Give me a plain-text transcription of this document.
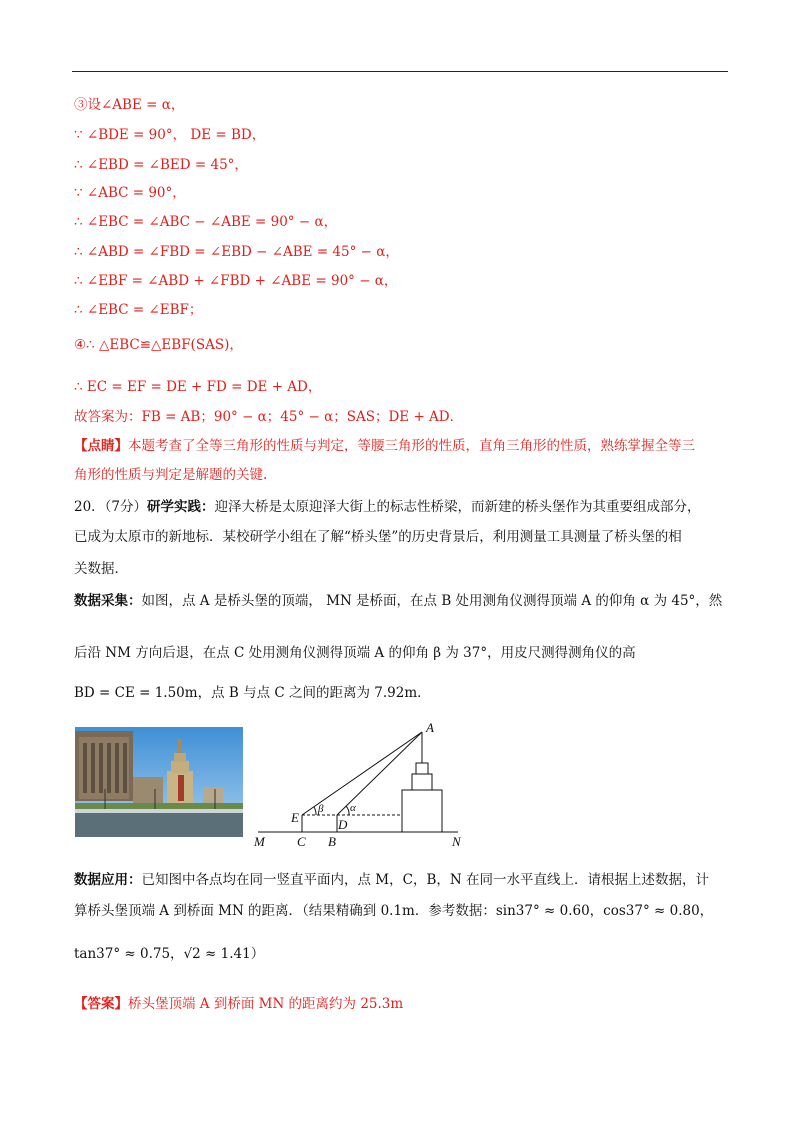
③设∠ABE = α，
∵ ∠BDE = 90°， DE = BD，
∴ ∠EBD = ∠BED = 45°，
∵ ∠ABC = 90°，
∴ ∠EBC = ∠ABC − ∠ABE = 90° − α，
∴ ∠ABD = ∠FBD = ∠EBD − ∠ABE = 45° − α，
∴ ∠EBF = ∠ABD + ∠FBD + ∠ABE = 90° − α，
∴ ∠EBC = ∠EBF；
④∴ △EBC≌△EBF(SAS)，
∴ EC = EF = DE + FD = DE + AD，
故答案为：FB = AB；90° − α；45° − α；SAS；DE + AD．
【点睛】本题考查了全等三角形的性质与判定，等腰三角形的性质，直角三角形的性质，熟练掌握全等三
角形的性质与判定是解题的关键.
20．（7分）研学实践：迎泽大桥是太原迎泽大街上的标志性桥梁，而新建的桥头堡作为其重要组成部分，
已成为太原市的新地标．某校研学小组在了解“桥头堡”的历史背景后，利用测量工具测量了桥头堡的相
关数据．
数据采集：如图，点 A 是桥头堡的顶端， MN 是桥面，在点 B 处用测角仪测得顶端 A 的仰角 α 为 45°，然
后沿 NM 方向后退，在点 C 处用测角仪测得顶端 A 的仰角 β 为 37°，用皮尺测得测角仪的高
BD = CE = 1.50m，点 B 与点 C 之间的距离为 7.92m．
A
E	D
C B
M	N
β α
数据应用：已知图中各点均在同一竖直平面内，点 M，C，B，N 在同一水平直线上．请根据上述数据，计
算桥头堡顶端 A 到桥面 MN 的距离．（结果精确到 0.1m．参考数据：sin37° ≈ 0.60，cos37° ≈ 0.80，
tan37° ≈ 0.75，√2 ≈ 1.41）
【答案】桥头堡顶端 A 到桥面 MN 的距离约为 25.3m
